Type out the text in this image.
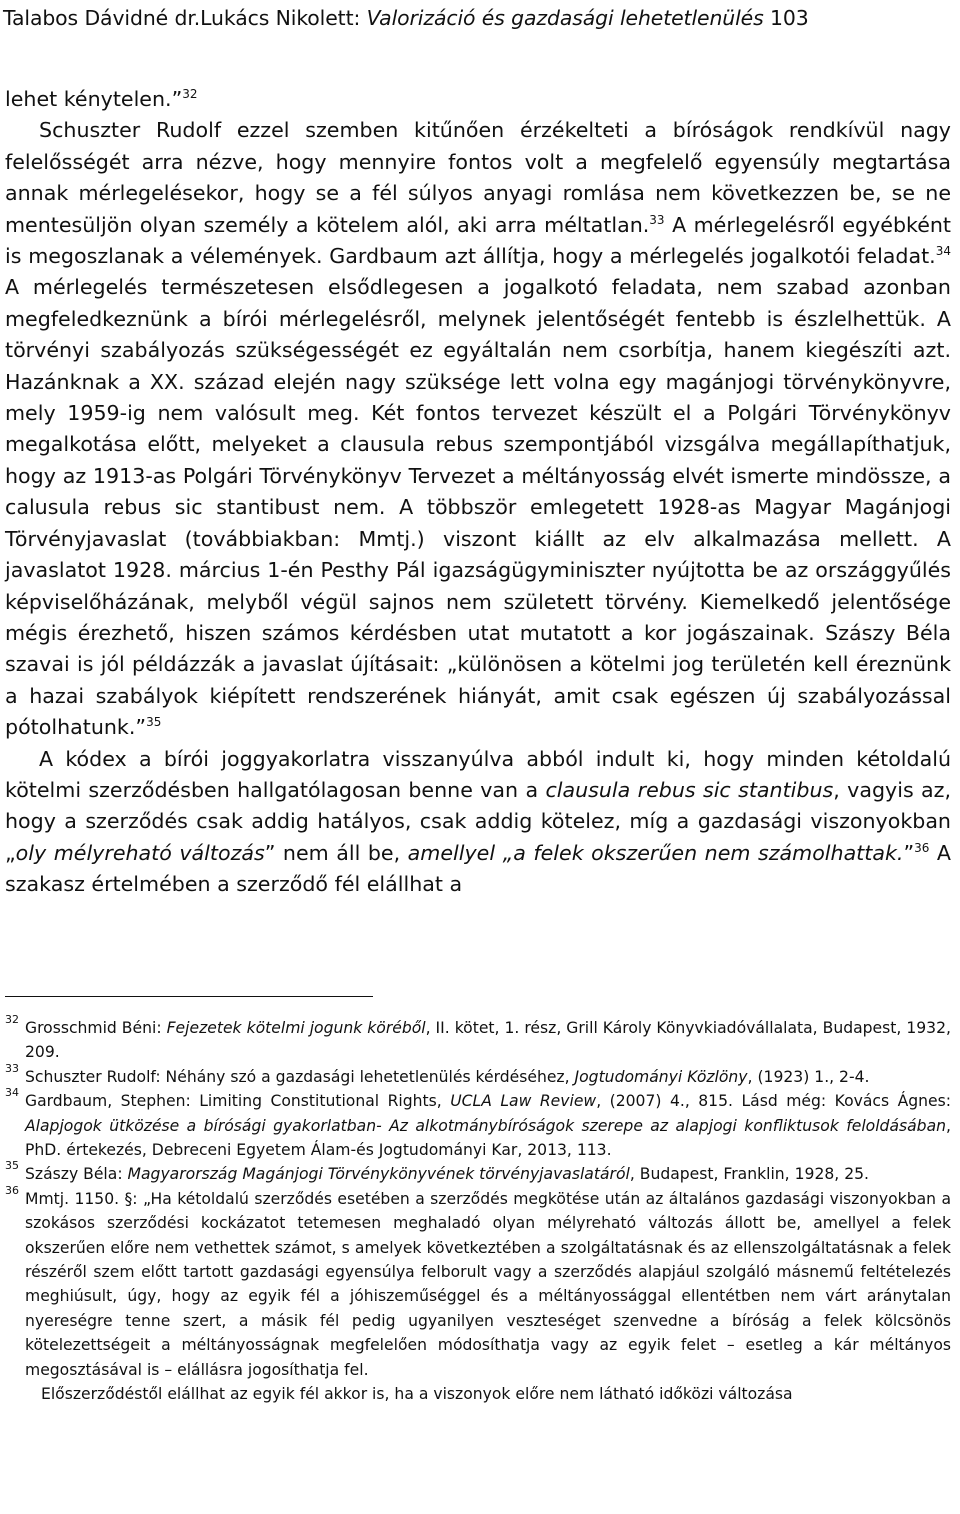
Talabos Dávidné dr.Lukács Nikolett: Valorizáció és gazdasági lehetetlenülés 103

lehet kénytelen.”$^{32}$

Schuszter Rudolf ezzel szemben kitűnően érzékelteti a bíróságok rendkívül nagy felelősségét arra nézve, hogy mennyire fontos volt a megfelelő egyensúly megtartása annak mérlegelésekor, hogy se a fél súlyos anyagi romlása nem következzen be, se ne mentesüljön olyan személy a kötelem alól, aki arra méltatlan.$^{33}$ A mérlegelésről egyébként is megoszlanak a vélemények. Gardbaum azt állítja, hogy a mérlegelés jogalkotói feladat.$^{34}$ A mérlegelés természetesen elsődlegesen a jogalkotó feladata, nem szabad azonban megfeledkeznünk a bírói mérlegelésről, melynek jelentőségét fentebb is észlelhettük. A törvényi szabályozás szükségességét ez egyáltalán nem csorbítja, hanem kiegészíti azt. Hazánknak a XX. század elején nagy szüksége lett volna egy magánjogi törvénykönyvre, mely 1959-ig nem valósult meg. Két fontos tervezet készült el a Polgári Törvénykönyv megalkotása előtt, melyeket a clausula rebus szempontjából vizsgálva megállapíthatjuk, hogy az 1913-as Polgári Törvénykönyv Tervezet a méltányosság elvét ismerte mindössze, a calusula rebus sic stantibust nem. A többször emlegetett 1928-as Magyar Magánjogi Törvényjavaslat (továbbiakban: Mmtj.) viszont kiállt az elv alkalmazása mellett. A javaslatot 1928. március 1-én Pesthy Pál igazságügyminiszter nyújtotta be az országgyűlés képviselőházának, melyből végül sajnos nem született törvény. Kiemelkedő jelentősége mégis érezhető, hiszen számos kérdésben utat mutatott a kor jogászainak. Szászy Béla szavai is jól példázzák a javaslat újításait: „különösen a kötelmi jog területén kell éreznünk a hazai szabályok kiépített rendszerének hiányát, amit csak egészen új szabályozással pótolhatunk.”$^{35}$

A kódex a bírói joggyakorlatra visszanyúlva abból indult ki, hogy minden kétoldalú kötelmi szerződésben hallgatólagosan benne van a clausula rebus sic stantibus, vagyis az, hogy a szerződés csak addig hatályos, csak addig kötelez, míg a gazdasági viszonyokban „oly mélyreható változás” nem áll be, amellyel „a felek okszerűen nem számolhattak.”$^{36}$ A szakasz értelmében a szerződő fél elállhat a

32 Grosschmid Béni: Fejezetek kötelmi jogunk köréből, II. kötet, 1. rész, Grill Károly Könyvkiadóvállalata, Budapest, 1932, 209.

33 Schuszter Rudolf: Néhány szó a gazdasági lehetetlenülés kérdéséhez, Jogtudományi Közlöny, (1923) 1., 2-4.

34 Gardbaum, Stephen: Limiting Constitutional Rights, UCLA Law Review, (2007) 4., 815. Lásd még: Kovács Ágnes: Alapjogok ütközése a bírósági gyakorlatban- Az alkotmánybíróságok szerepe az alapjogi konfliktusok feloldásában, PhD. értekezés, Debreceni Egyetem Álam-és Jogtudományi Kar, 2013, 113.

35 Szászy Béla: Magyarország Magánjogi Törvénykönyvének törvényjavaslatáról, Budapest, Franklin, 1928, 25.

36 Mmtj. 1150. §: „Ha kétoldalú szerződés esetében a szerződés megkötése után az általános gazdasági viszonyokban a szokásos szerződési kockázatot tetemesen meghaladó olyan mélyreható változás állott be, amellyel a felek okszerűen előre nem vethettek számot, s amelyek következtében a szolgáltatásnak és az ellenszolgáltatásnak a felek részéről szem előtt tartott gazdasági egyensúlya felborult vagy a szerződés alapjául szolgáló másnemű feltételezés meghiúsult, úgy, hogy az egyik fél a jóhiszeműséggel és a méltányossággal ellentétben nem várt aránytalan nyereségre tenne szert, a másik fél pedig ugyanilyen veszteséget szenvedne a bíróság a felek kölcsönös kötelezettségeit a méltányosságnak megfelelően módosíthatja vagy az egyik felet – esetleg a kár méltányos megosztásával is – elállásra jogosíthatja fel.

Előszerződéstől elállhat az egyik fél akkor is, ha a viszonyok előre nem látható időközi változása
